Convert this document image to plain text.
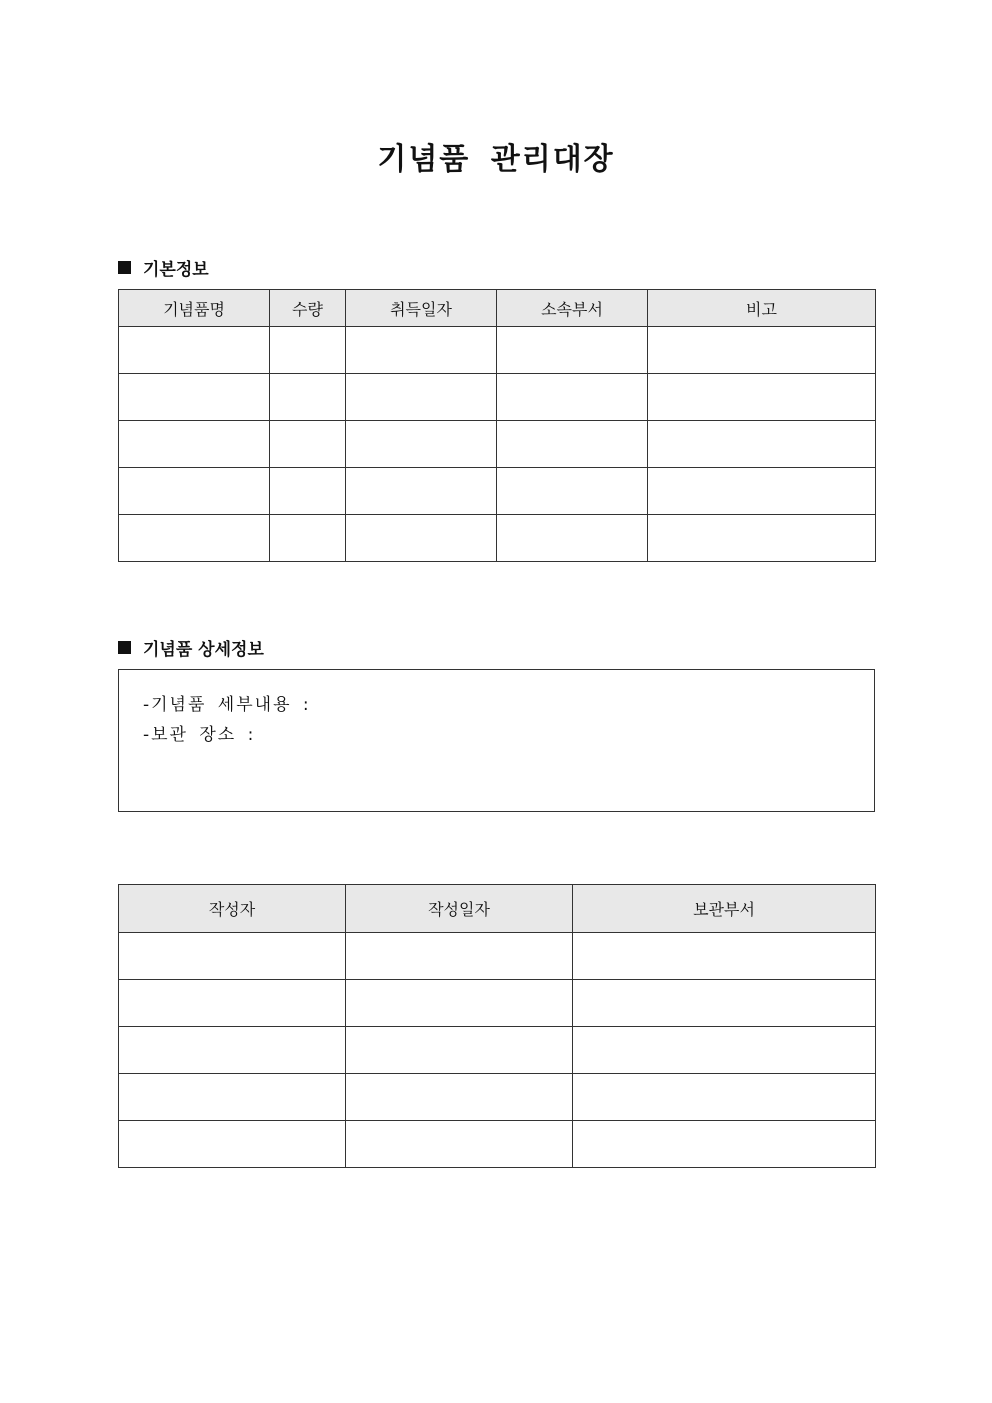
기념품 관리대장
기본정보
기념품명	수량	취득일자	소속부서	비고

기념품 상세정보
-기념품 세부내용 :
-보관 장소 :
작성자	작성일자	보관부서
